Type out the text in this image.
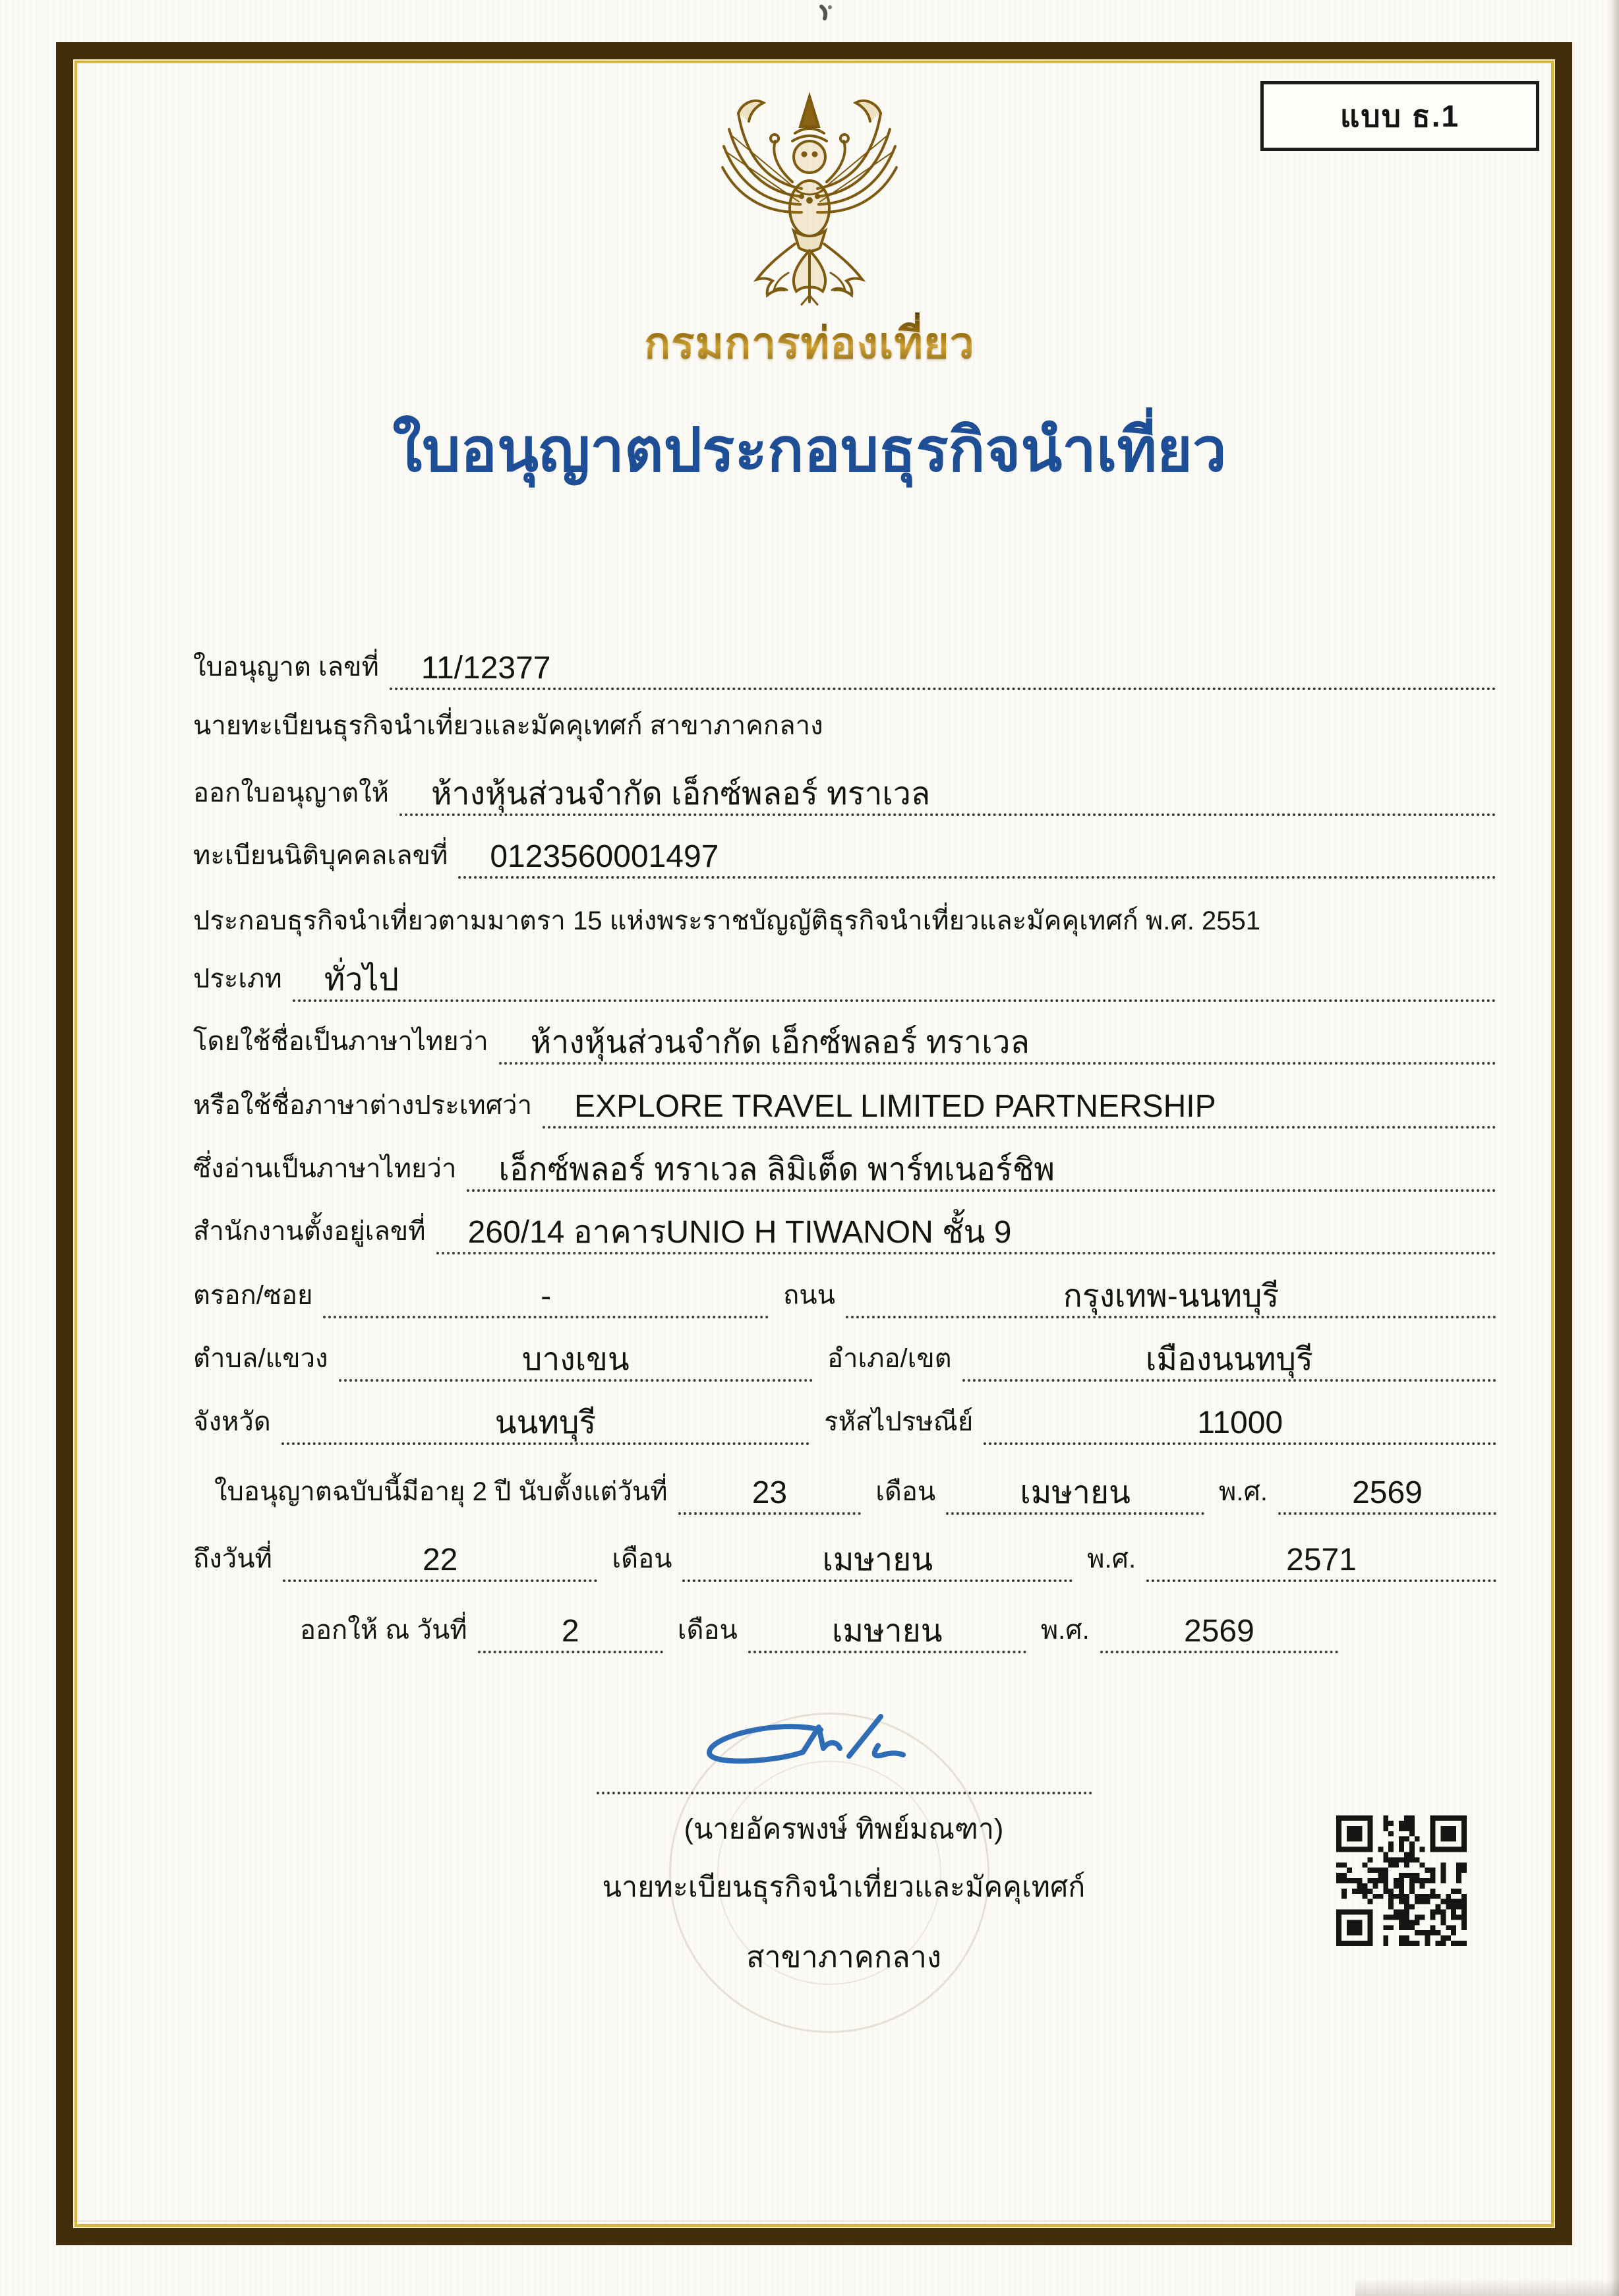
แบบ ธ.1
กรมการท่องเที่ยว
ใบอนุญาตประกอบธุรกิจนำเที่ยว
ใบอนุญาต เลขที่	11/12377
นายทะเบียนธุรกิจนำเที่ยวและมัคคุเทศก์ สาขาภาคกลาง
ออกใบอนุญาตให้	ห้างหุ้นส่วนจำกัด เอ็กซ์พลอร์ ทราเวล
ทะเบียนนิติบุคคลเลขที่	0123560001497
ประกอบธุรกิจนำเที่ยวตามมาตรา 15 แห่งพระราชบัญญัติธุรกิจนำเที่ยวและมัคคุเทศก์ พ.ศ. 2551
ประเภท	ทั่วไป
โดยใช้ชื่อเป็นภาษาไทยว่า	ห้างหุ้นส่วนจำกัด เอ็กซ์พลอร์ ทราเวล
หรือใช้ชื่อภาษาต่างประเทศว่า	EXPLORE TRAVEL LIMITED PARTNERSHIP
ซึ่งอ่านเป็นภาษาไทยว่า	เอ็กซ์พลอร์ ทราเวล ลิมิเต็ด พาร์ทเนอร์ชิพ
สำนักงานตั้งอยู่เลขที่	260/14 อาคารUNIO H TIWANON ชั้น 9
ตรอก/ซอย	-	ถนน	กรุงเทพ-นนทบุรี
ตำบล/แขวง	บางเขน	อำเภอ/เขต	เมืองนนทบุรี
จังหวัด	นนทบุรี	รหัสไปรษณีย์	11000
ใบอนุญาตฉบับนี้มีอายุ 2 ปี นับตั้งแต่วันที่	23	เดือน	เมษายน	พ.ศ.	2569
ถึงวันที่	22	เดือน	เมษายน	พ.ศ.	2571
ออกให้ ณ วันที่	2	เดือน	เมษายน	พ.ศ.	2569
(นายอัครพงษ์ ทิพย์มณฑา)
นายทะเบียนธุรกิจนำเที่ยวและมัคคุเทศก์
สาขาภาคกลาง
